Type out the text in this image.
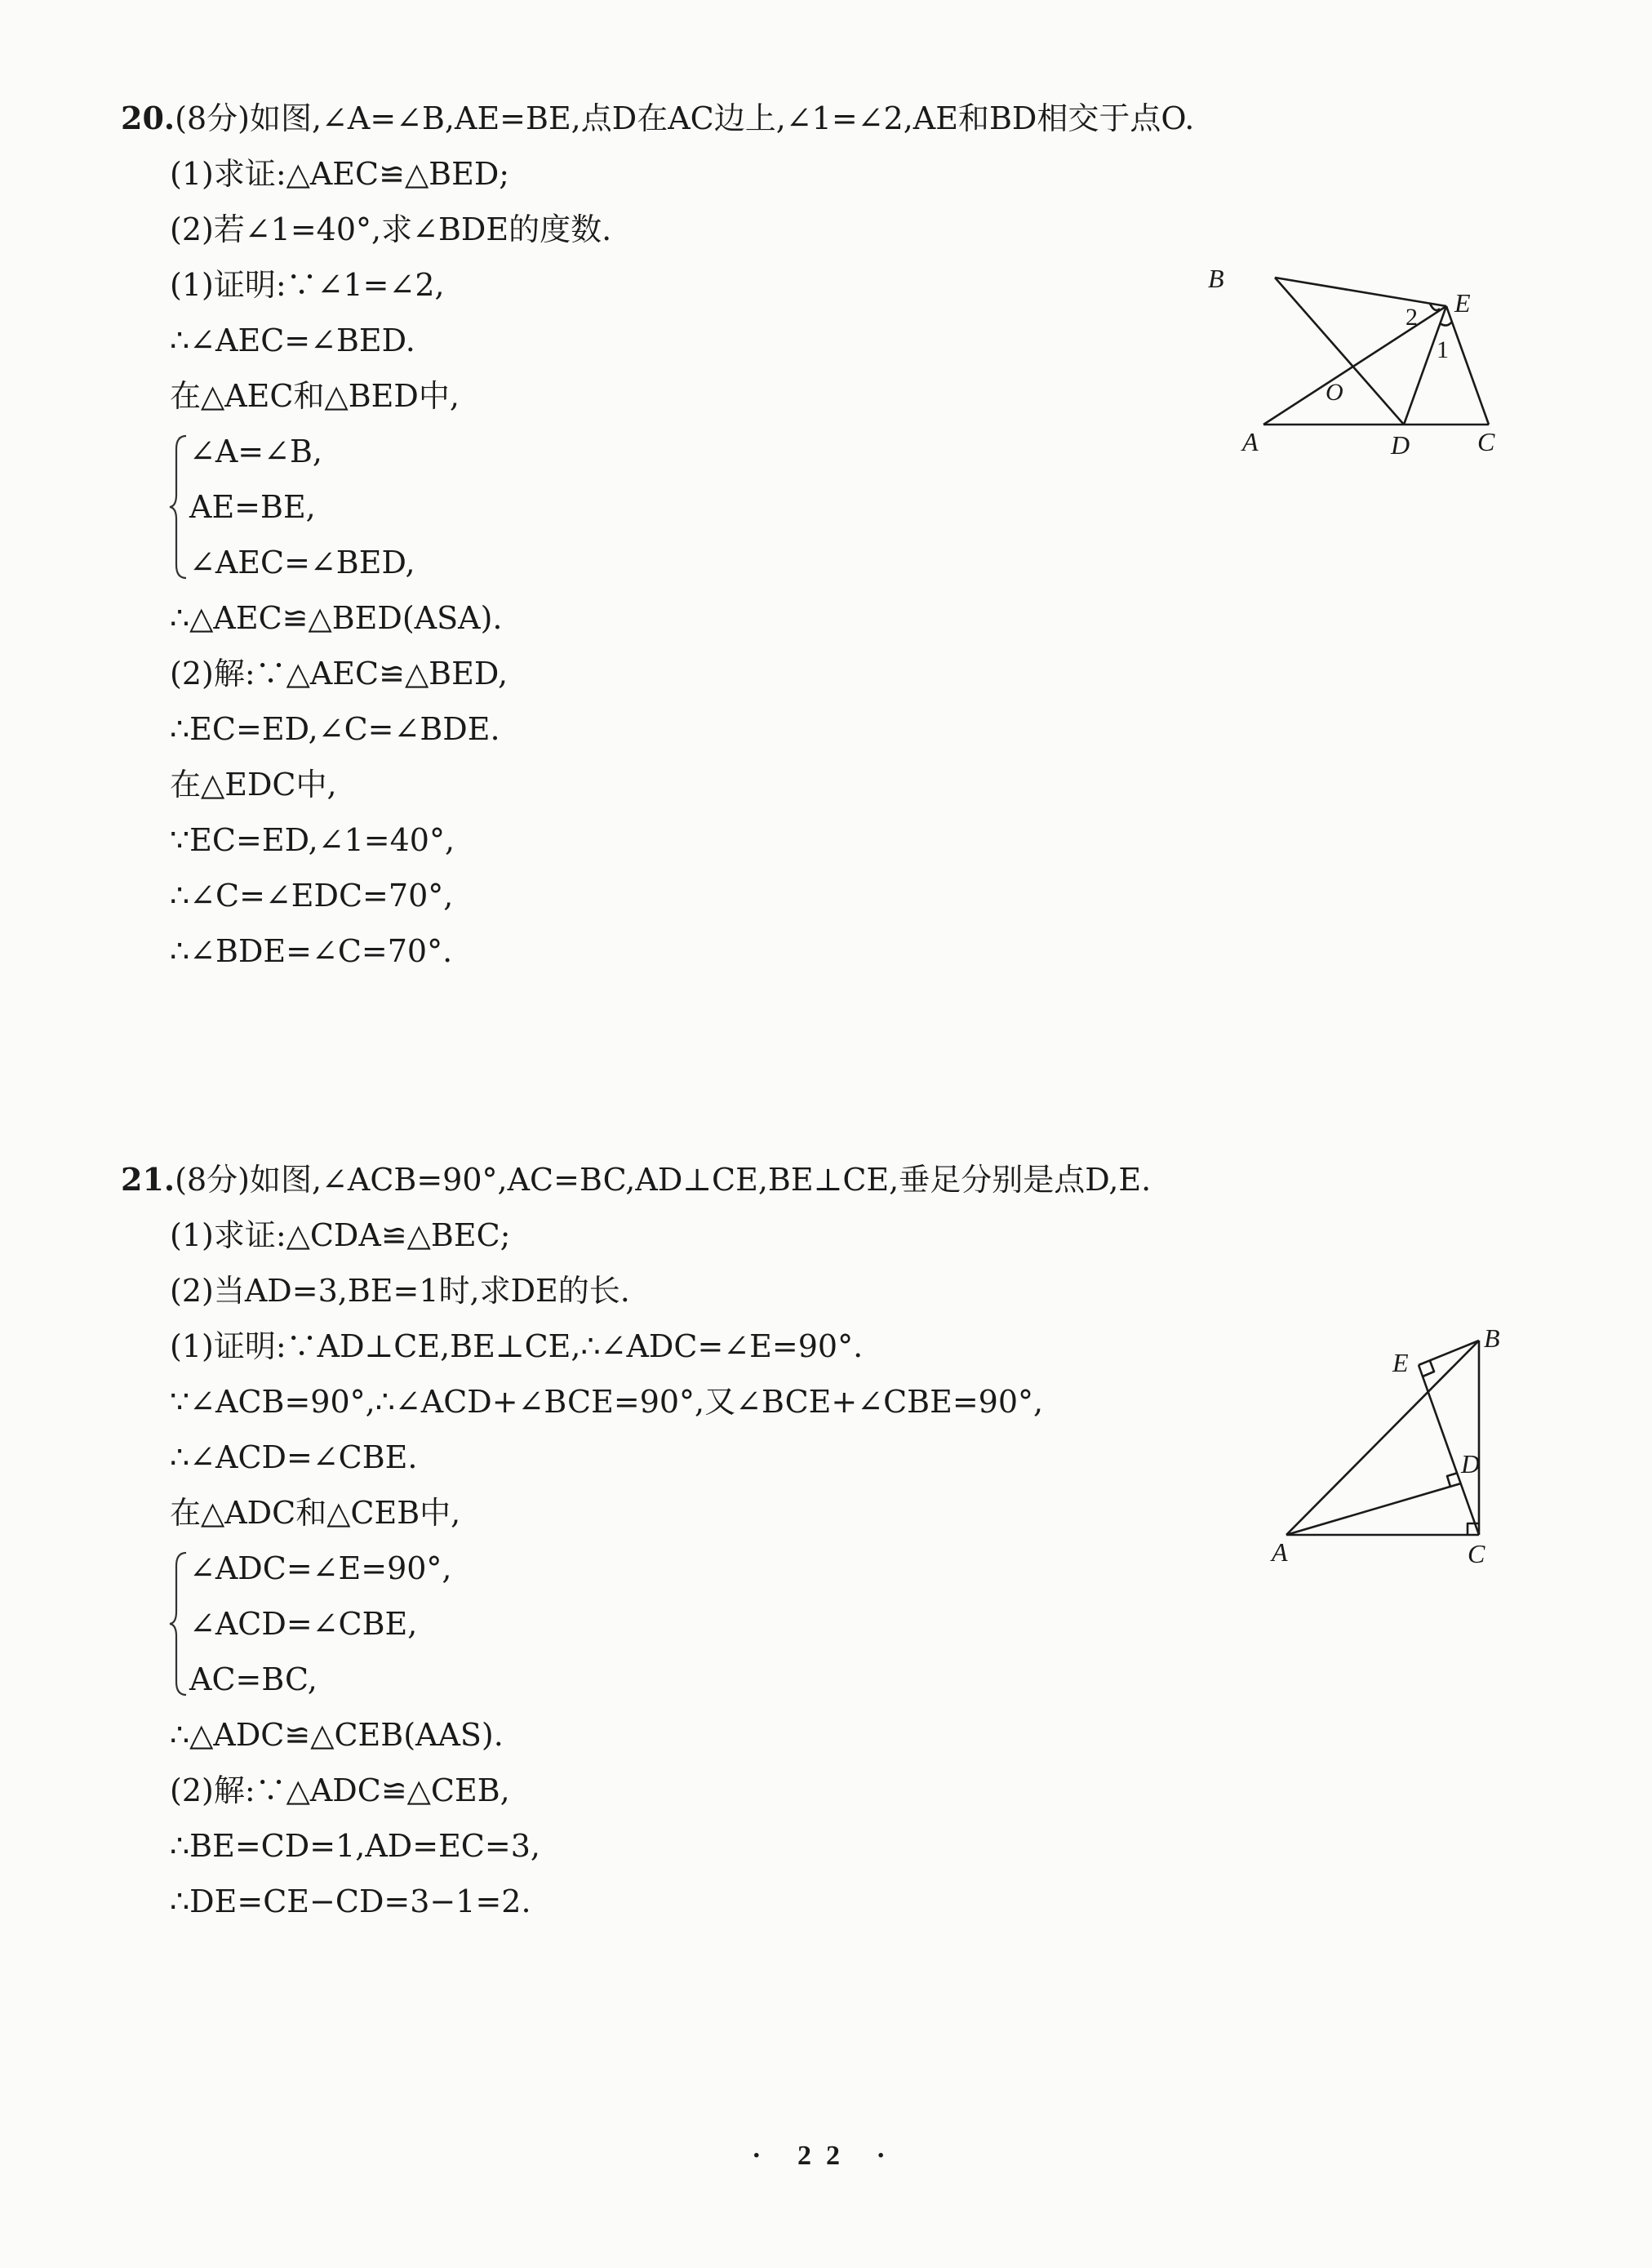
20.(8分)如图,∠A=∠B,AE=BE,点D在AC边上,∠1=∠2,AE和BD相交于点O.
(1)求证:△AEC≌△BED;
(2)若∠1=40°,求∠BDE的度数.
(1)证明:∵∠1=∠2,
∴∠AEC=∠BED.
在△AEC和△BED中,
∠A=∠B,
AE=BE,
∠AEC=∠BED,
∴△AEC≌△BED(ASA).
(2)解:∵△AEC≌△BED,
∴EC=ED,∠C=∠BDE.
在△EDC中,
∵EC=ED,∠1=40°,
∴∠C=∠EDC=70°,
∴∠BDE=∠C=70°.
B
E
A	D	C
O
1
2
21.(8分)如图,∠ACB=90°,AC=BC,AD⊥CE,BE⊥CE,垂足分别是点D,E.
(1)求证:△CDA≌△BEC;
(2)当AD=3,BE=1时,求DE的长.
(1)证明:∵AD⊥CE,BE⊥CE,∴∠ADC=∠E=90°.
∵∠ACB=90°,∴∠ACD+∠BCE=90°,又∠BCE+∠CBE=90°,
∴∠ACD=∠CBE.
在△ADC和△CEB中,
∠ADC=∠E=90°,
∠ACD=∠CBE,
AC=BC,
∴△ADC≌△CEB(AAS).
(2)解:∵△ADC≌△CEB,
∴BE=CD=1,AD=EC=3,
∴DE=CE−CD=3−1=2.
E
B
D
A	C
· 22 ·
